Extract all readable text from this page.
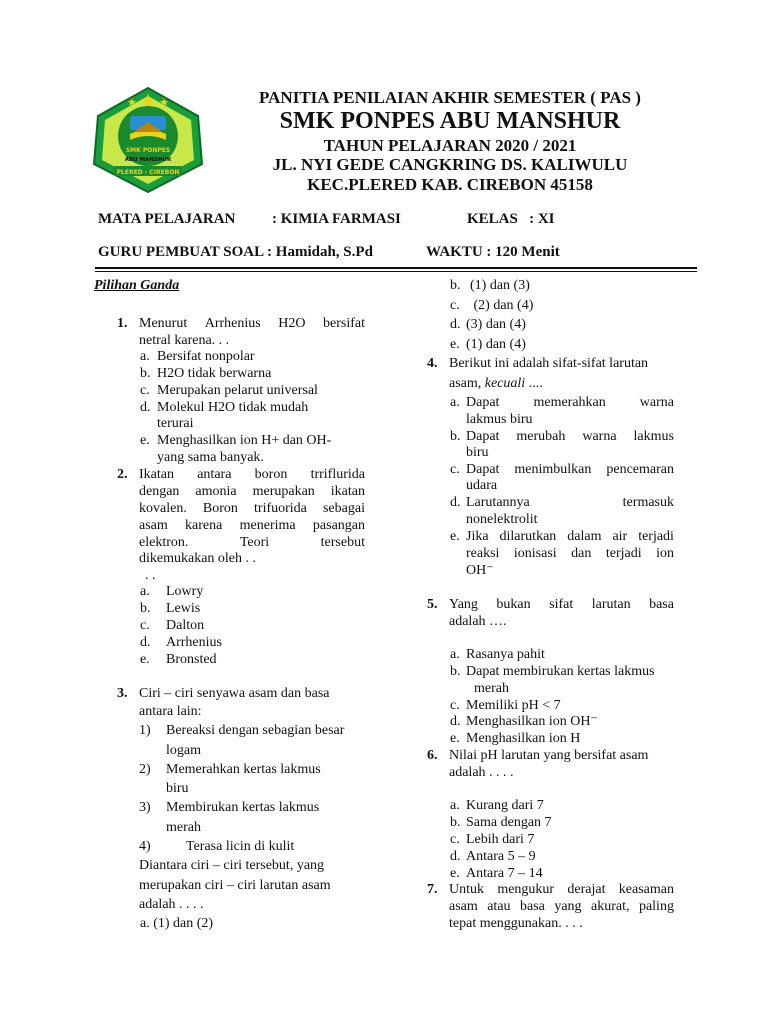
SMK PONPES
ABU MANSHUR
PLERED - CIREBON
PANITIA PENILAIAN AKHIR SEMESTER ( PAS )
SMK PONPES ABU MANSHUR
TAHUN PELAJARAN 2020 / 2021
JL. NYI GEDE CANGKRING DS. KALIWULU
KEC.PLERED KAB. CIREBON 45158
MATA PELAJARAN : KIMIA FARMASI	KELAS   : XI
GURU PEMBUAT SOAL : Hamidah, S.Pd	WAKTU : 120 Menit
Pilihan Ganda
1. Menurut Arrhenius H2O bersifat
netral karena. . .
a. Bersifat nonpolar
b. H2O tidak berwarna
c. Merupakan pelarut universal
d. Molekul H2O tidak mudah
terurai
e. Menghasilkan ion H+ dan OH-
yang sama banyak.
2. Ikatan antara boron trriflurida
dengan amonia merupakan ikatan
kovalen. Boron trifuorida sebagai
asam karena menerima pasangan
elektron.	Teori	tersebut
dikemukakan oleh . .
. .
a. Lowry
b. Lewis
c. Dalton
d. Arrhenius
e. Bronsted
3. Ciri – ciri senyawa asam dan basa
antara lain:
1) Bereaksi dengan sebagian besar
logam
2) Memerahkan kertas lakmus
biru
3) Membirukan kertas lakmus
merah
4)	Terasa licin di kulit
Diantara ciri – ciri tersebut, yang
merupakan ciri – ciri larutan asam
adalah . . . .
a. (1) dan (2)
b. (1) dan (3)
c. (2) dan (4)
d. (3) dan (4)
e. (1) dan (4)
4. Berikut ini adalah sifat-sifat larutan
asam, kecuali ....
a. Dapat memerahkan warna
lakmus biru
b. Dapat merubah warna lakmus
biru
c. Dapat menimbulkan pencemaran
udara
d. Larutannya	termasuk
nonelektrolit
e. Jika dilarutkan dalam air terjadi
reaksi ionisasi dan terjadi ion
OH⁻
5. Yang bukan sifat larutan basa
adalah ….
a. Rasanya pahit
b. Dapat membirukan kertas lakmus
merah
c. Memiliki pH < 7
d. Menghasilkan ion OH⁻
e. Menghasilkan ion H
6. Nilai pH larutan yang bersifat asam
adalah . . . .
a. Kurang dari 7
b. Sama dengan 7
c. Lebih dari 7
d. Antara 5 – 9
e. Antara 7 – 14
7. Untuk mengukur derajat keasaman
asam atau basa yang akurat, paling
tepat menggunakan. . . .
